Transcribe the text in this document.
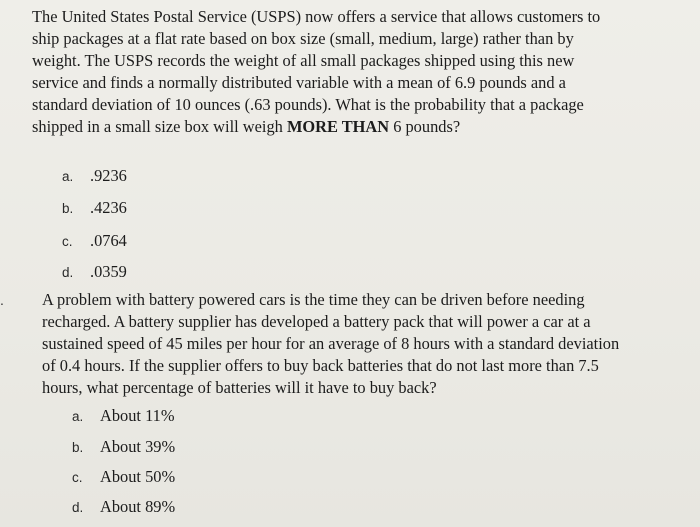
The United States Postal Service (USPS) now offers a service that allows customers to
ship packages at a flat rate based on box size (small, medium, large) rather than by
weight. The USPS records the weight of all small packages shipped using this new
service and finds a normally distributed variable with a mean of 6.9 pounds and a
standard deviation of 10 ounces (.63 pounds). What is the probability that a package
shipped in a small size box will weigh MORE THAN 6 pounds?
a. .9236
b. .4236
c. .0764
d. .0359
. A problem with battery powered cars is the time they can be driven before needing
recharged. A battery supplier has developed a battery pack that will power a car at a
sustained speed of 45 miles per hour for an average of 8 hours with a standard deviation
of 0.4 hours. If the supplier offers to buy back batteries that do not last more than 7.5
hours, what percentage of batteries will it have to buy back?
a. About 11%
b. About 39%
c. About 50%
d. About 89%
